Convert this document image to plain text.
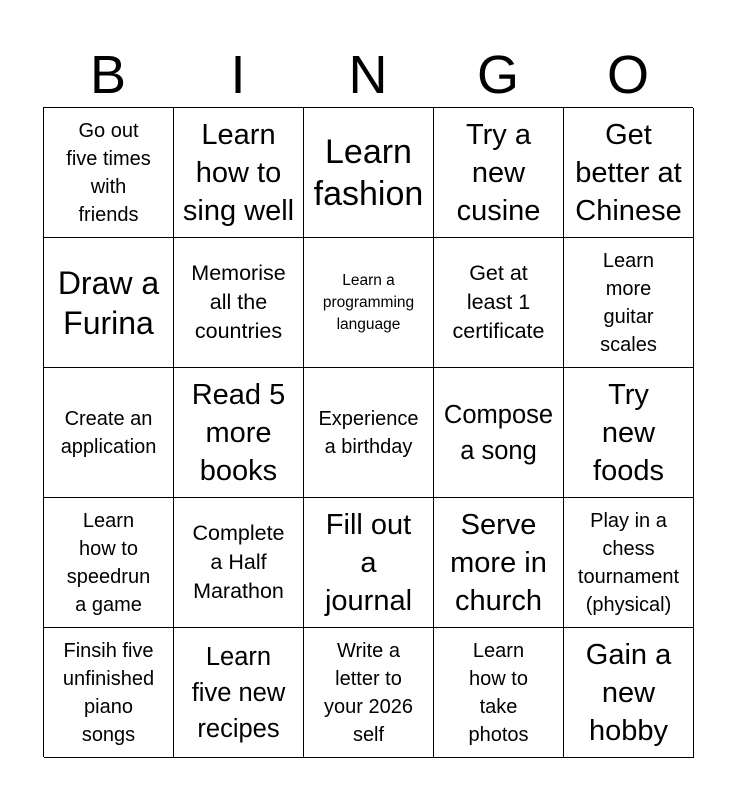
B	I	N	G	O
Go out
five times
with
friends
Learn
how to
sing well
Learn
fashion
Try a
new
cusine
Get
better at
Chinese
Draw a
Furina
Memorise
all the
countries
Learn a
programming
language
Get at
least 1
certificate
Learn
more
guitar
scales
Create an
application
Read 5
more
books
Experience
a birthday
Compose
a song
Try
new
foods
Learn
how to
speedrun
a game
Complete
a Half
Marathon
Fill out
a
journal
Serve
more in
church
Play in a
chess
tournament
(physical)
Finsih five
unfinished
piano
songs
Learn
five new
recipes
Write a
letter to
your 2026
self
Learn
how to
take
photos
Gain a
new
hobby
